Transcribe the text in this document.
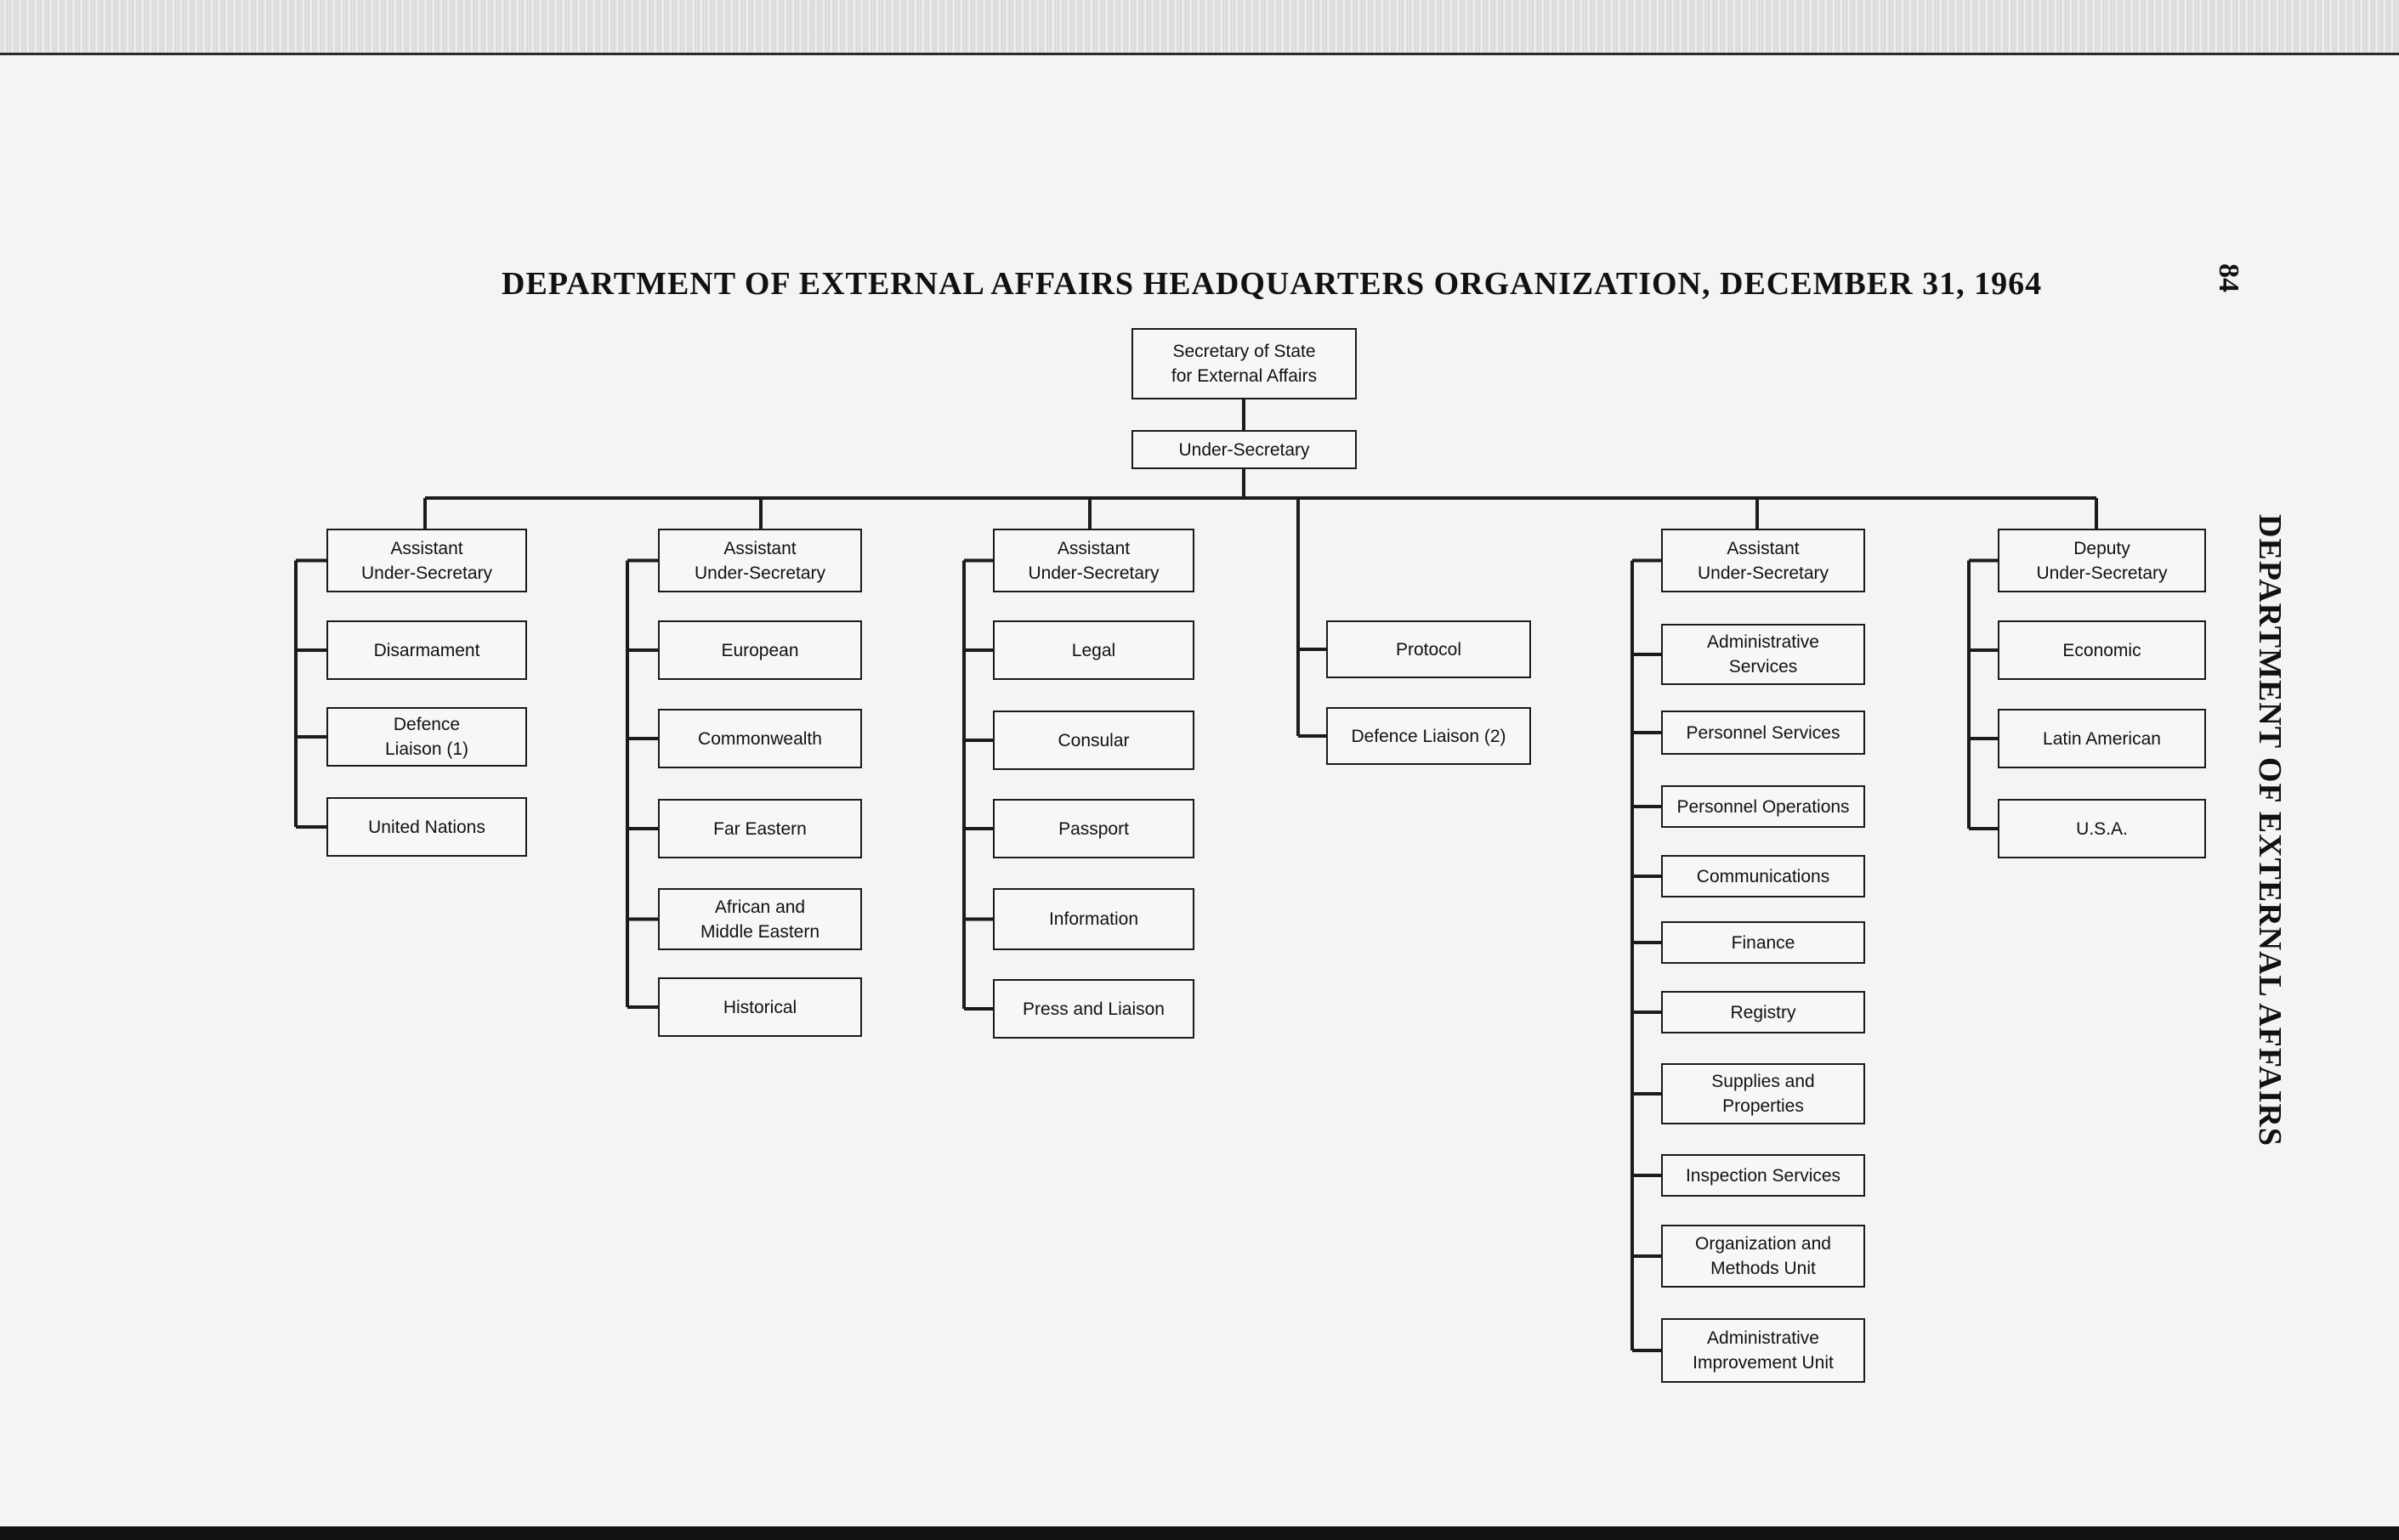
DEPARTMENT OF EXTERNAL AFFAIRS HEADQUARTERS ORGANIZATION, DECEMBER 31, 1964	84
DEPARTMENT OF EXTERNAL AFFAIRS
Secretary of State
for External Affairs
Under-Secretary
Assistant
Under-Secretary
Disarmament
Defence
Liaison (1)
United Nations
Assistant
Under-Secretary
European
Commonwealth
Far Eastern
African and
Middle Eastern
Historical
Assistant
Under-Secretary
Legal
Consular
Passport
Information
Press and Liaison
Protocol
Defence Liaison (2)
Assistant
Under-Secretary
Administrative
Services
Personnel Services
Personnel Operations
Communications
Finance
Registry
Supplies and
Properties
Inspection Services
Organization and
Methods Unit
Administrative
Improvement Unit
Deputy
Under-Secretary
Economic
Latin American
U.S.A.
